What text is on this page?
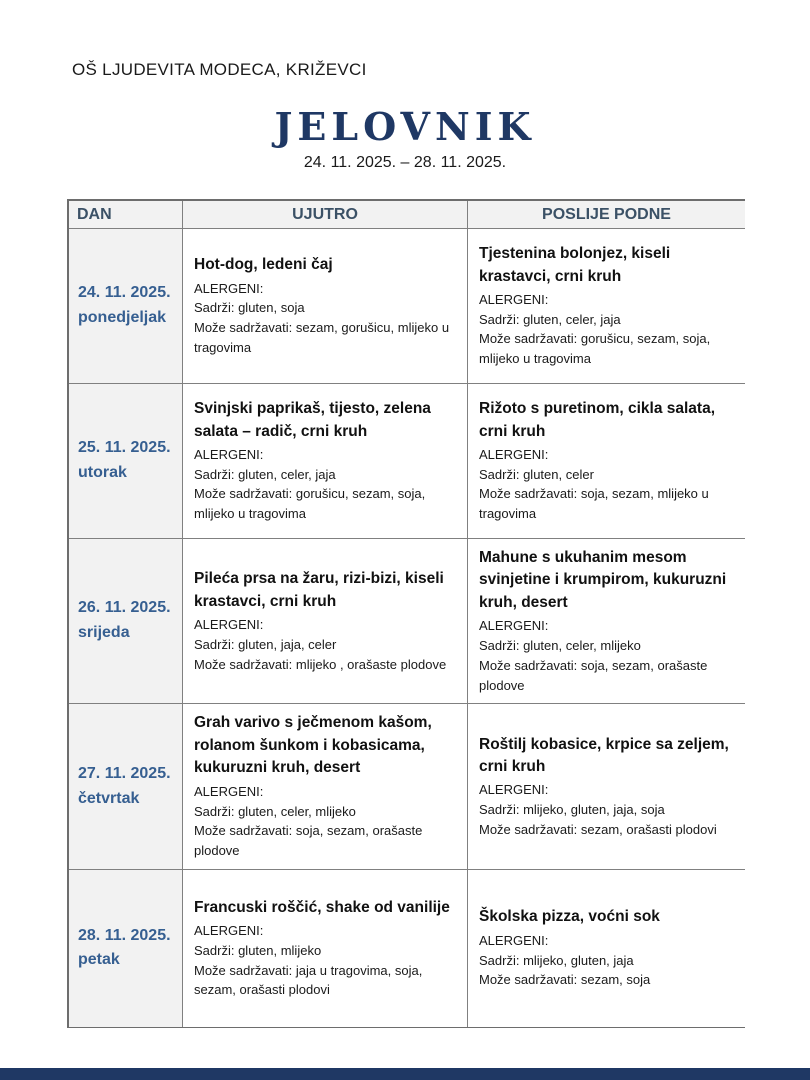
OŠ LJUDEVITA MODECA, KRIŽEVCI
JELOVNIK
24. 11. 2025. – 28. 11. 2025.
DAN	UJUTRO	POSLIJE PODNE
24. 11. 2025.
ponedjeljak
Hot-dog, ledeni čaj
ALERGENI:
Sadrži: gluten, soja
Može sadržavati: sezam, gorušicu, mlijeko u tragovima
Tjestenina bolonjez, kiseli krastavci, crni kruh
ALERGENI:
Sadrži: gluten, celer, jaja
Može sadržavati: gorušicu, sezam, soja, mlijeko u tragovima
25. 11. 2025.
utorak
Svinjski paprikaš, tijesto, zelena salata – radič, crni kruh
ALERGENI:
Sadrži: gluten, celer, jaja
Može sadržavati: gorušicu, sezam, soja, mlijeko u tragovima
Rižoto s puretinom, cikla salata, crni kruh
ALERGENI:
Sadrži: gluten, celer
Može sadržavati: soja, sezam, mlijeko u tragovima
26. 11. 2025.
srijeda
Pileća prsa na žaru, rizi-bizi, kiseli krastavci, crni kruh
ALERGENI:
Sadrži: gluten, jaja, celer
Može sadržavati: mlijeko , orašaste plodove
Mahune s ukuhanim mesom svinjetine i krumpirom, kukuruzni kruh, desert
ALERGENI:
Sadrži: gluten, celer, mlijeko
Može sadržavati: soja, sezam, orašaste plodove
27. 11. 2025.
četvrtak
Grah varivo s ječmenom kašom, rolanom šunkom i kobasicama, kukuruzni kruh, desert
ALERGENI:
Sadrži: gluten, celer, mlijeko
Može sadržavati: soja, sezam, orašaste plodove
Roštilj kobasice, krpice sa zeljem, crni kruh
ALERGENI:
Sadrži: mlijeko, gluten, jaja, soja
Može sadržavati: sezam, orašasti plodovi
28. 11. 2025.
petak
Francuski roščić, shake od vanilije
ALERGENI:
Sadrži: gluten, mlijeko
Može sadržavati: jaja u tragovima, soja, sezam, orašasti plodovi
Školska pizza, voćni sok
ALERGENI:
Sadrži: mlijeko, gluten, jaja
Može sadržavati: sezam, soja
